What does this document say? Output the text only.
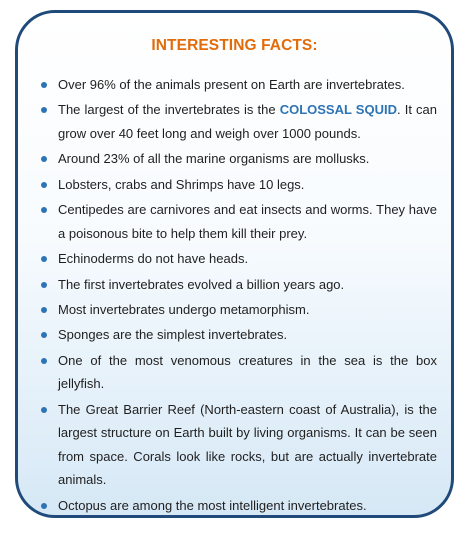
INTERESTING FACTS:
Over 96% of the animals present on Earth are invertebrates.
The largest of the invertebrates is the COLOSSAL SQUID. It can grow over 40 feet long and weigh over 1000 pounds.
Around 23% of all the marine organisms are mollusks.
Lobsters, crabs and Shrimps have 10 legs.
Centipedes are carnivores and eat insects and worms. They have a poisonous bite to help them kill their prey.
Echinoderms do not have heads.
The first invertebrates evolved a billion years ago.
Most invertebrates undergo metamorphism.
Sponges are the simplest invertebrates.
One of the most venomous creatures in the sea is the box jellyfish.
The Great Barrier Reef (North-eastern coast of Australia), is the largest structure on Earth built by living organisms. It can be seen from space. Corals look like rocks, but are actually invertebrate animals.
Octopus are among the most intelligent invertebrates.
